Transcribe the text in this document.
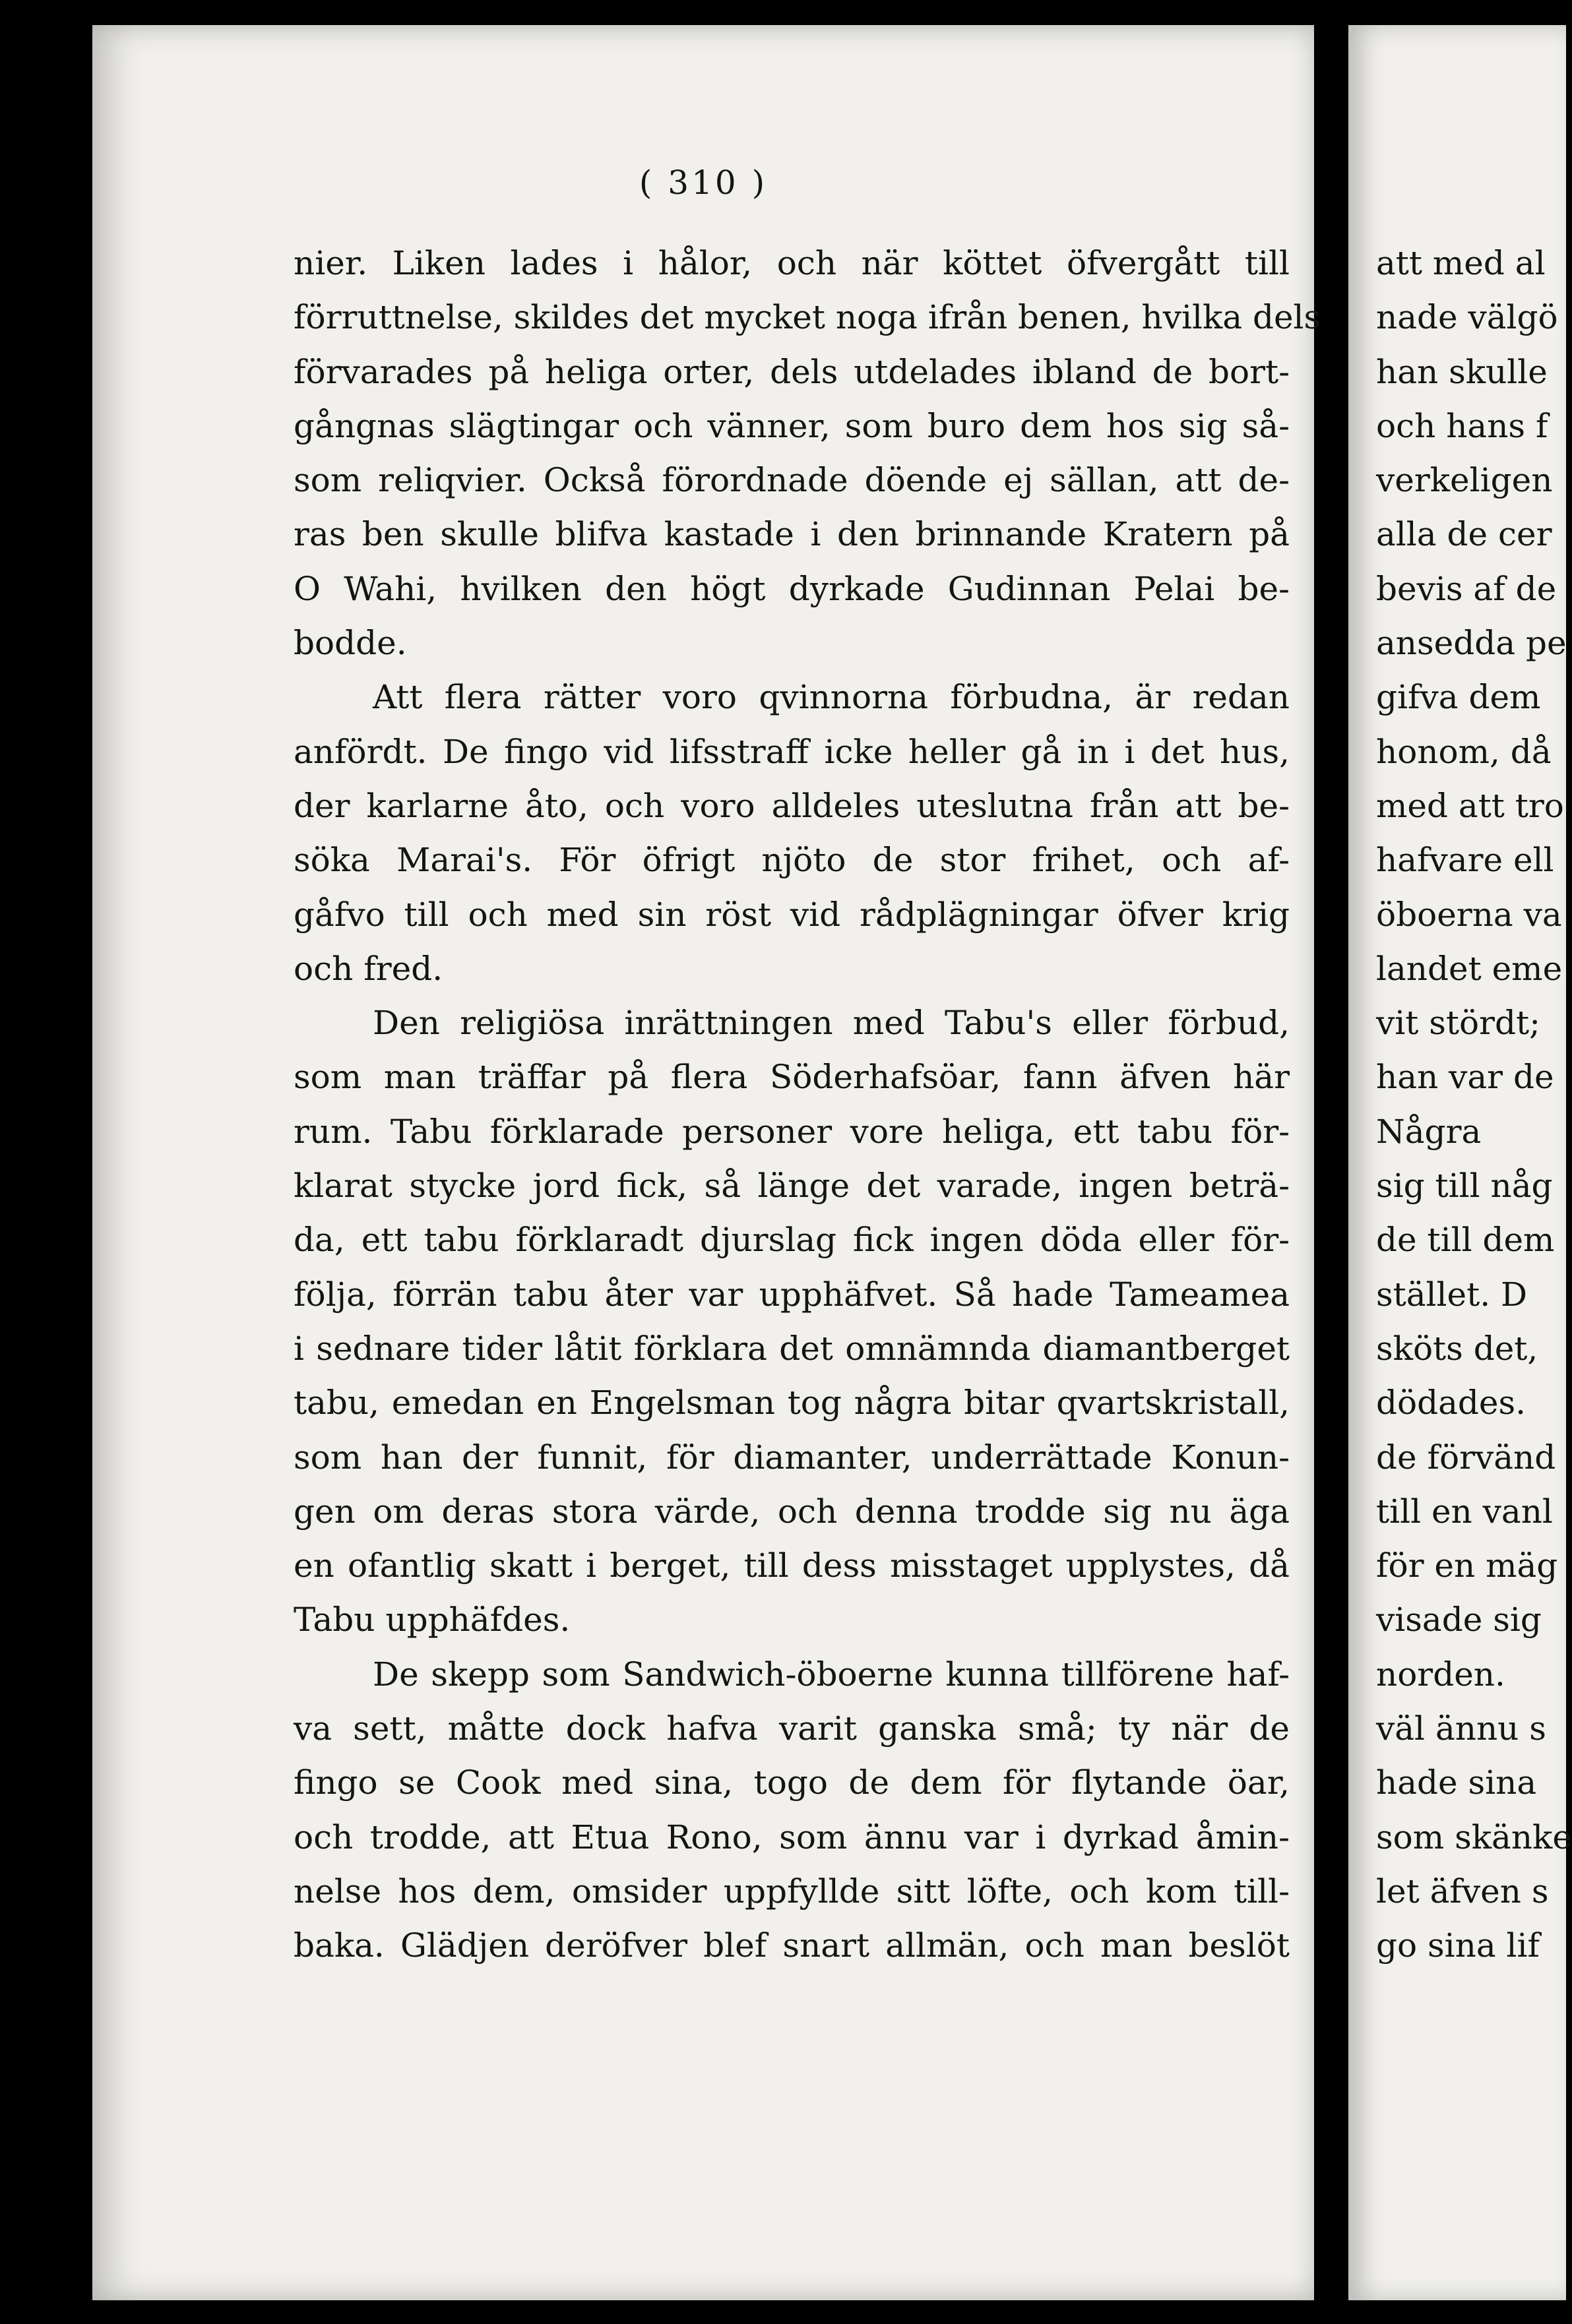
( 310 )
nier. Liken lades i hålor, och när köttet öfvergått till
förruttnelse, skildes det mycket noga ifrån benen, hvilka dels
förvarades på heliga orter, dels utdelades ibland de bort-
gångnas slägtingar och vänner, som buro dem hos sig så-
som reliqvier. Också förordnade döende ej sällan, att de-
ras ben skulle blifva kastade i den brinnande Kratern på
O Wahi, hvilken den högt dyrkade Gudinnan Pelai be-
bodde.
Att flera rätter voro qvinnorna förbudna, är redan
anfördt. De fingo vid lifsstraff icke heller gå in i det hus,
der karlarne åto, och voro alldeles uteslutna från att be-
söka Marai's. För öfrigt njöto de stor frihet, och af-
gåfvo till och med sin röst vid rådplägningar öfver krig
och fred.
Den religiösa inrättningen med Tabu's eller förbud,
som man träffar på flera Söderhafsöar, fann äfven här
rum. Tabu förklarade personer vore heliga, ett tabu för-
klarat stycke jord fick, så länge det varade, ingen beträ-
da, ett tabu förklaradt djurslag fick ingen döda eller för-
följa, förrän tabu åter var upphäfvet. Så hade Tamеamea
i sednare tider låtit förklara det omnämnda diamantberget
tabu, emedan en Engelsman tog några bitar qvartskristall,
som han der funnit, för diamanter, underrättade Konun-
gen om deras stora värde, och denna trodde sig nu äga
en ofantlig skatt i berget, till dess misstaget upplystes, då
Tabu upphäfdes.
De skepp som Sandwich-öboerne kunna tillförene haf-
va sett, måtte dock hafva varit ganska små; ty när de
fingo se Cook med sina, togo de dem för flytande öar,
och trodde, att Etua Rono, som ännu var i dyrkad åmin-
nelse hos dem, omsider uppfyllde sitt löfte, och kom till-
baka. Glädjen deröfver blef snart allmän, och man beslöt
att med al
nade välgö
han skulle
och hans f
verkeligen
alla de cer
bevis af de
ansedda pe
gifva dem
honom, då
med att tro
hafvare ell
öboerna va
landet eme
vit stördt;
han var de
Några
sig till någ
de till dem
stället. D
sköts det,
dödades.
de förvänd
till en vanl
för en mäg
visade sig
norden.
väl ännu s
hade sina
som skänke
let äfven s
go sina lif
